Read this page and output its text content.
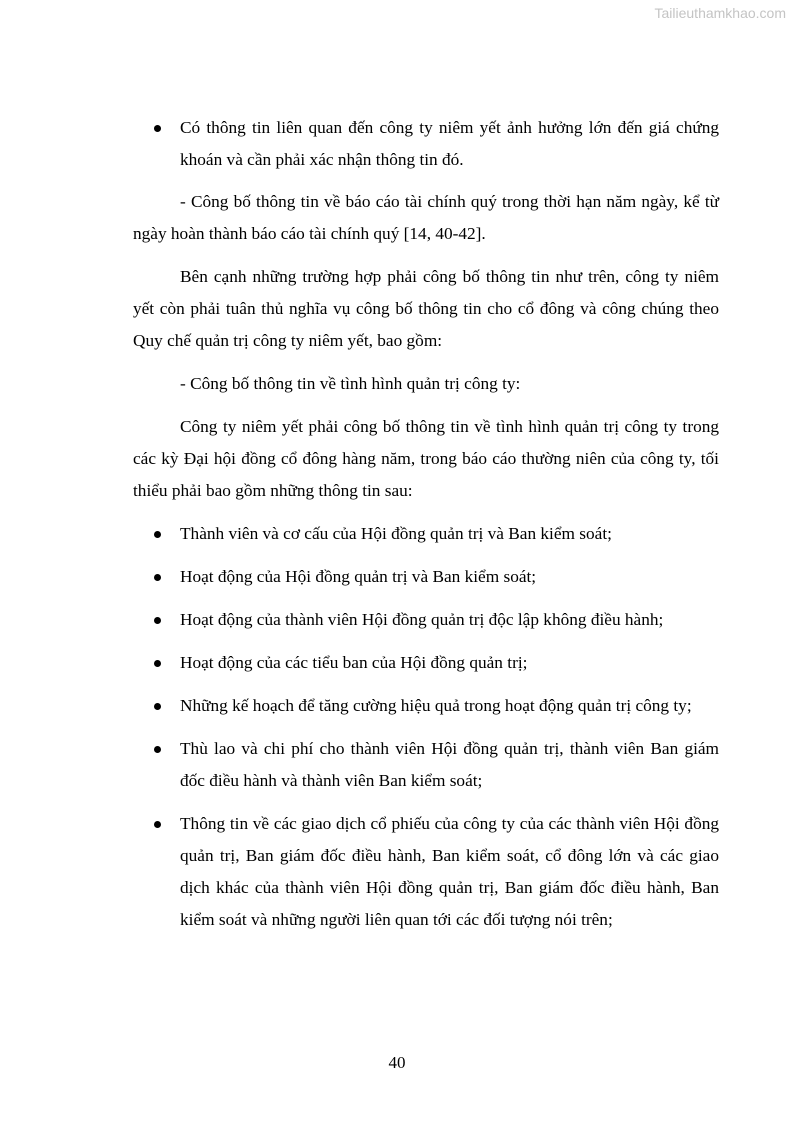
Tailieuthamkhao.com
Có thông tin liên quan đến công ty niêm yết ảnh hưởng lớn đến giá chứng khoán và cần phải xác nhận thông tin đó.

- Công bố thông tin về báo cáo tài chính quý trong thời hạn năm ngày, kể từ ngày hoàn thành báo cáo tài chính quý [14, 40-42].

Bên cạnh những trường hợp phải công bố thông tin như trên, công ty niêm yết còn phải tuân thủ nghĩa vụ công bố thông tin cho cổ đông và công chúng theo Quy chế quản trị công ty niêm yết, bao gồm:

- Công bố thông tin về tình hình quản trị công ty:

Công ty niêm yết phải công bố thông tin về tình hình quản trị công ty trong các kỳ Đại hội đồng cổ đông hàng năm, trong báo cáo thường niên của công ty, tối thiểu phải bao gồm những thông tin sau:

Thành viên và cơ cấu của Hội đồng quản trị và Ban kiểm soát;
Hoạt động của Hội đồng quản trị và Ban kiểm soát;
Hoạt động của thành viên Hội đồng quản trị độc lập không điều hành;
Hoạt động của các tiểu ban của Hội đồng quản trị;
Những kế hoạch để tăng cường hiệu quả trong hoạt động quản trị công ty;
Thù lao và chi phí cho thành viên Hội đồng quản trị, thành viên Ban giám đốc điều hành và thành viên Ban kiểm soát;
Thông tin về các giao dịch cổ phiếu của công ty của các thành viên Hội đồng quản trị, Ban giám đốc điều hành, Ban kiểm soát, cổ đông lớn và các giao dịch khác của thành viên Hội đồng quản trị, Ban giám đốc điều hành, Ban kiểm soát và những người liên quan tới các đối tượng nói trên;
40
